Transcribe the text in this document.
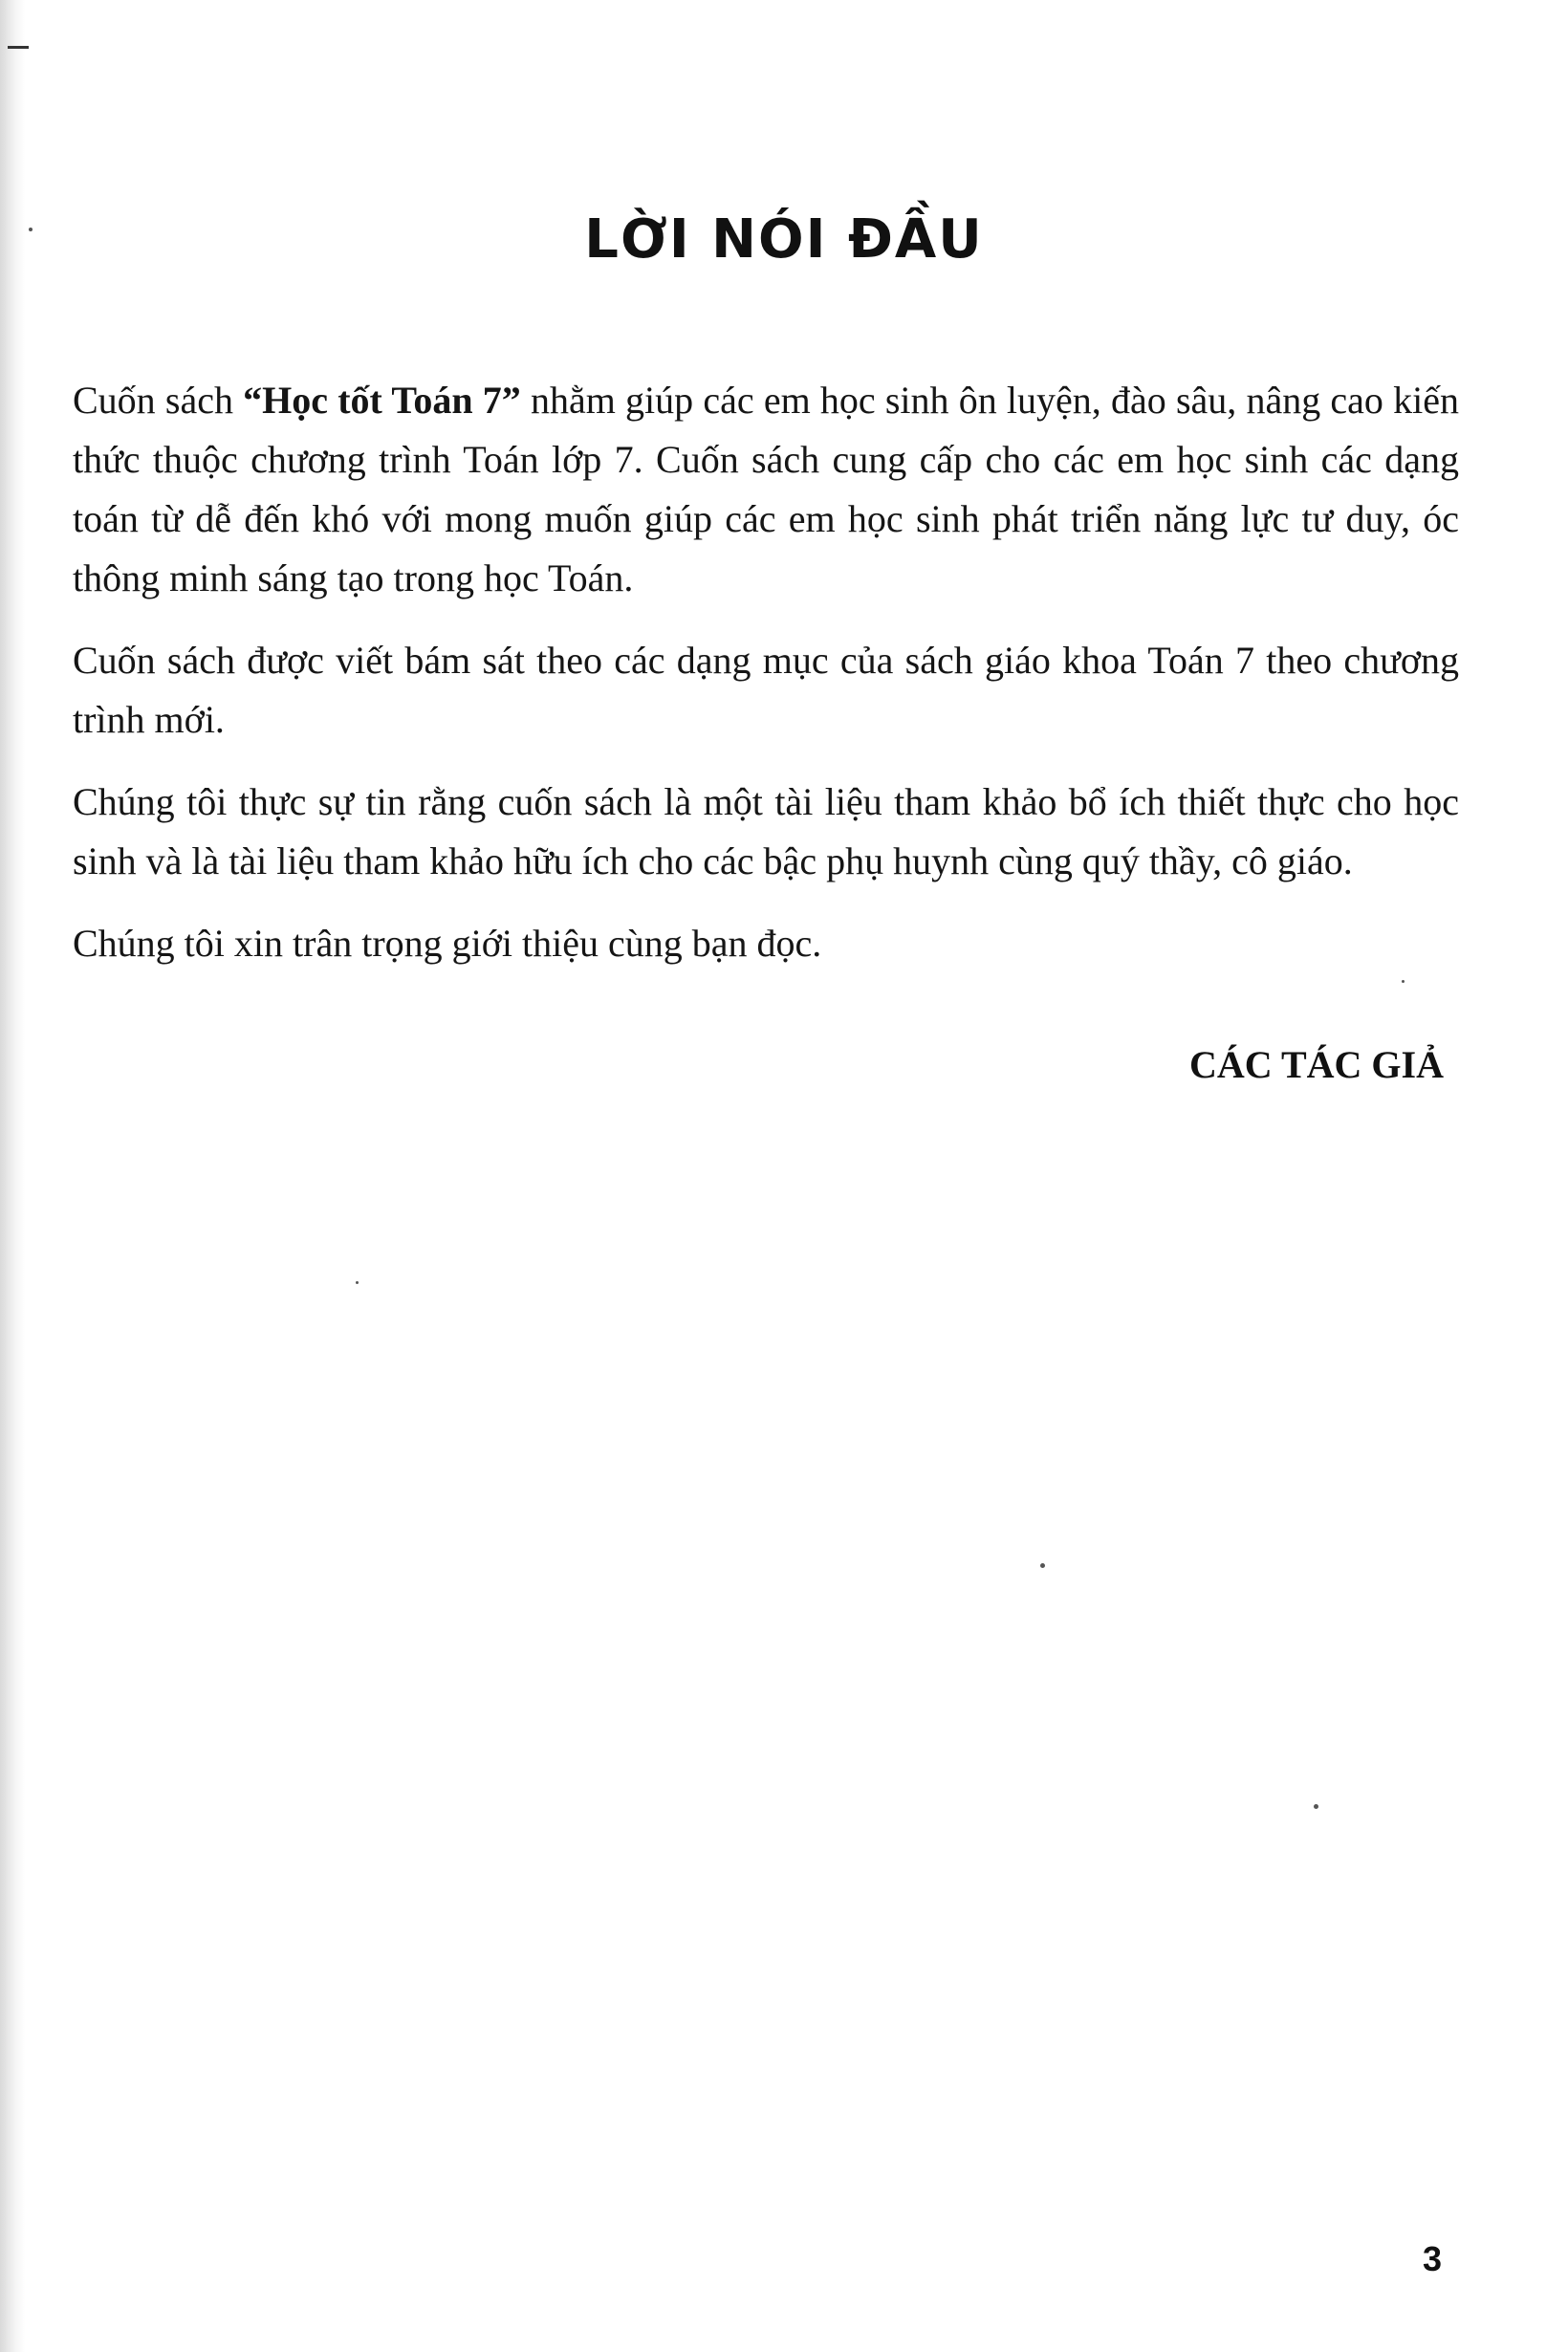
LỜI NÓI ĐẦU

Cuốn sách “Học tốt Toán 7” nhằm giúp các em học sinh ôn luyện, đào sâu, nâng cao kiến thức thuộc chương trình Toán lớp 7. Cuốn sách cung cấp cho các em học sinh các dạng toán từ dễ đến khó với mong muốn giúp các em học sinh phát triển năng lực tư duy, óc thông minh sáng tạo trong học Toán.

Cuốn sách được viết bám sát theo các dạng mục của sách giáo khoa Toán 7 theo chương trình mới.

Chúng tôi thực sự tin rằng cuốn sách là một tài liệu tham khảo bổ ích thiết thực cho học sinh và là tài liệu tham khảo hữu ích cho các bậc phụ huynh cùng quý thầy, cô giáo.

Chúng tôi xin trân trọng giới thiệu cùng bạn đọc.

CÁC TÁC GIẢ

3
